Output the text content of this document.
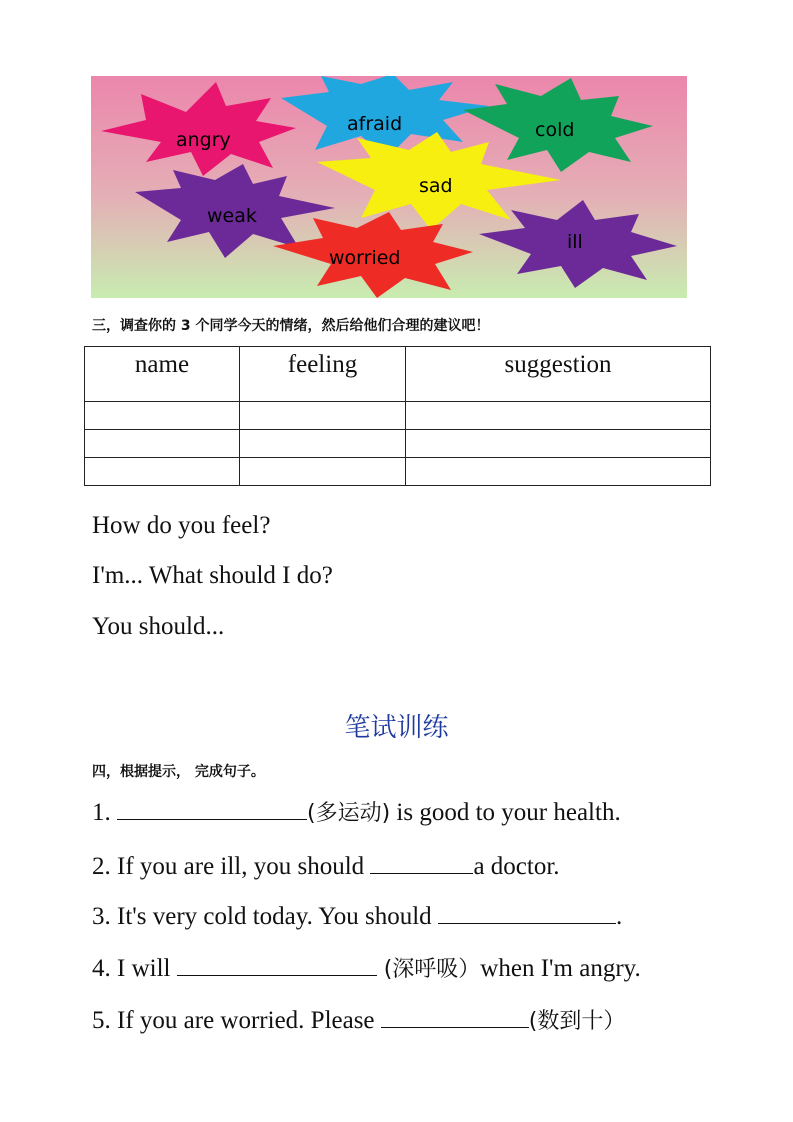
angry
afraid	cold
sad
weak
worried
ill
三，调查你的 3 个同学今天的情绪，然后给他们合理的建议吧！
name	feeling	suggestion

How do you feel?
I'm... What should I do?
You should...
笔试训练
四，根据提示， 完成句子。
1.	(多运动) is good to your health.
2. If you are ill, you should	a doctor.
3. It's very cold today. You should	.
4. I will	(深呼吸）when I'm angry.
5. If you are worried. Please	(数到十）
